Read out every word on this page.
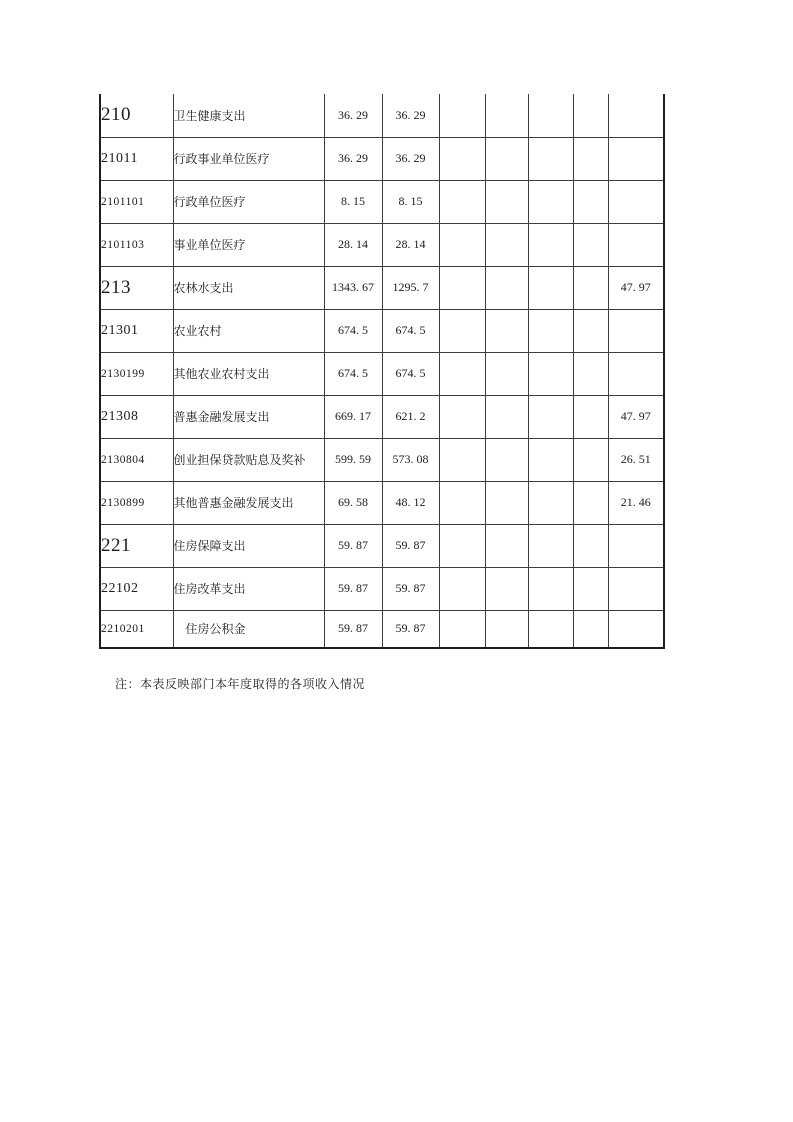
210	卫生健康支出	36. 29	36. 29					
21011	行政事业单位医疗	36. 29	36. 29					
2101101	行政单位医疗	8. 15	8. 15					
2101103	事业单位医疗	28. 14	28. 14					
213	农林水支出	1343. 67	1295. 7					47. 97
21301	农业农村	674. 5	674. 5					
2130199	其他农业农村支出	674. 5	674. 5					
21308	普惠金融发展支出	669. 17	621. 2					47. 97
2130804	创业担保贷款贴息及奖补	599. 59	573. 08					26. 51
2130899	其他普惠金融发展支出	69. 58	48. 12					21. 46
221	住房保障支出	59. 87	59. 87					
22102	住房改革支出	59. 87	59. 87					
2210201	　住房公积金	59. 87	59. 87					
注：本表反映部门本年度取得的各项收入情况
